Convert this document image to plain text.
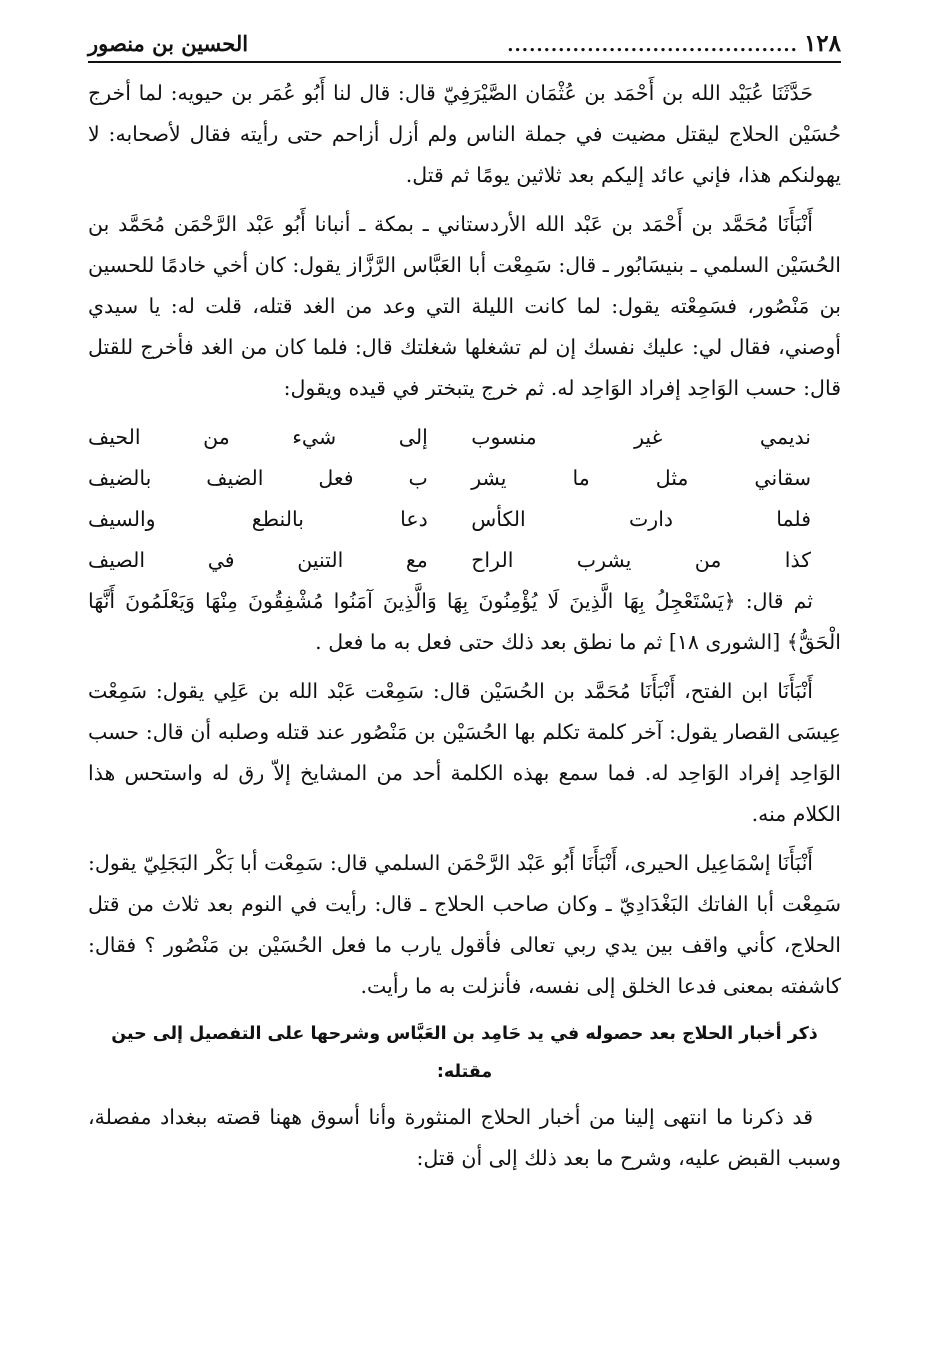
١٢٨
........................................
الحسين بن منصور

حَدَّثَنَا عُبَيْد الله بن أَحْمَد بن عُثْمَان الصَّيْرَفِيّ قال: قال لنا أَبُو عُمَر بن حيويه: لما أخرج حُسَيْن الحلاج ليقتل مضيت في جملة الناس ولم أزل أزاحم حتى رأيته فقال لأصحابه: لا يهولنكم هذا، فإني عائد إليكم بعد ثلاثين يومًا ثم قتل.

أَنْبَأَنَا مُحَمَّد بن أَحْمَد بن عَبْد الله الأردستاني ـ بمكة ـ أنبانا أَبُو عَبْد الرَّحْمَن مُحَمَّد بن الحُسَيْن السلمي ـ بنيسَابُور ـ قال: سَمِعْت أبا العَبَّاس الرَّزَّاز يقول: كان أخي خادمًا للحسين بن مَنْصُور، فسَمِعْته يقول: لما كانت الليلة التي وعد من الغد قتله، قلت له: يا سيدي أوصني، فقال لي: عليك نفسك إن لم تشغلها شغلتك قال: فلما كان من الغد فأخرج للقتل قال: حسب الوَاحِد إفراد الوَاحِد له. ثم خرج يتبختر في قيده ويقول:

نديمي غير منسوب
إلى شيء من الحيف
سقاني مثل ما يشر
ب فعل الضيف بالضيف
فلما دارت الكأس
دعا بالنطع والسيف
كذا من يشرب الراح
مع التنين في الصيف

ثم قال: ﴿يَسْتَعْجِلُ بِهَا الَّذِينَ لَا يُؤْمِنُونَ بِهَا وَالَّذِينَ آمَنُوا مُشْفِقُونَ مِنْهَا وَيَعْلَمُونَ أَنَّهَا الْحَقُّ﴾ [الشورى ١٨] ثم ما نطق بعد ذلك حتى فعل به ما فعل .

أَنْبَأَنَا ابن الفتح، أَنْبَأَنَا مُحَمَّد بن الحُسَيْن قال: سَمِعْت عَبْد الله بن عَلِي يقول: سَمِعْت عِيسَى القصار يقول: آخر كلمة تكلم بها الحُسَيْن بن مَنْصُور عند قتله وصلبه أن قال: حسب الوَاحِد إفراد الوَاحِد له. فما سمع بهذه الكلمة أحد من المشايخ إلاّ رق له واستحس هذا الكلام منه.

أَنْبَأَنَا إسْمَاعِيل الحيرى، أَنْبَأَنَا أَبُو عَبْد الرَّحْمَن السلمي قال: سَمِعْت أبا بَكْر البَجَلِيّ يقول: سَمِعْت أبا الفاتك البَغْدَادِيّ ـ وكان صاحب الحلاج ـ قال: رأيت في النوم بعد ثلاث من قتل الحلاج، كأني واقف بين يدي ربي تعالى فأقول يارب ما فعل الحُسَيْن بن مَنْصُور ؟ فقال: كاشفته بمعنى فدعا الخلق إلى نفسه، فأنزلت به ما رأيت.

ذكر أخبار الحلاج بعد حصوله في يد حَامِد بن العَبَّاس وشرحها على التفصيل إلى حين مقتله:

قد ذكرنا ما انتهى إلينا من أخبار الحلاج المنثورة وأنا أسوق ههنا قصته ببغداد مفصلة، وسبب القبض عليه، وشرح ما بعد ذلك إلى أن قتل:
